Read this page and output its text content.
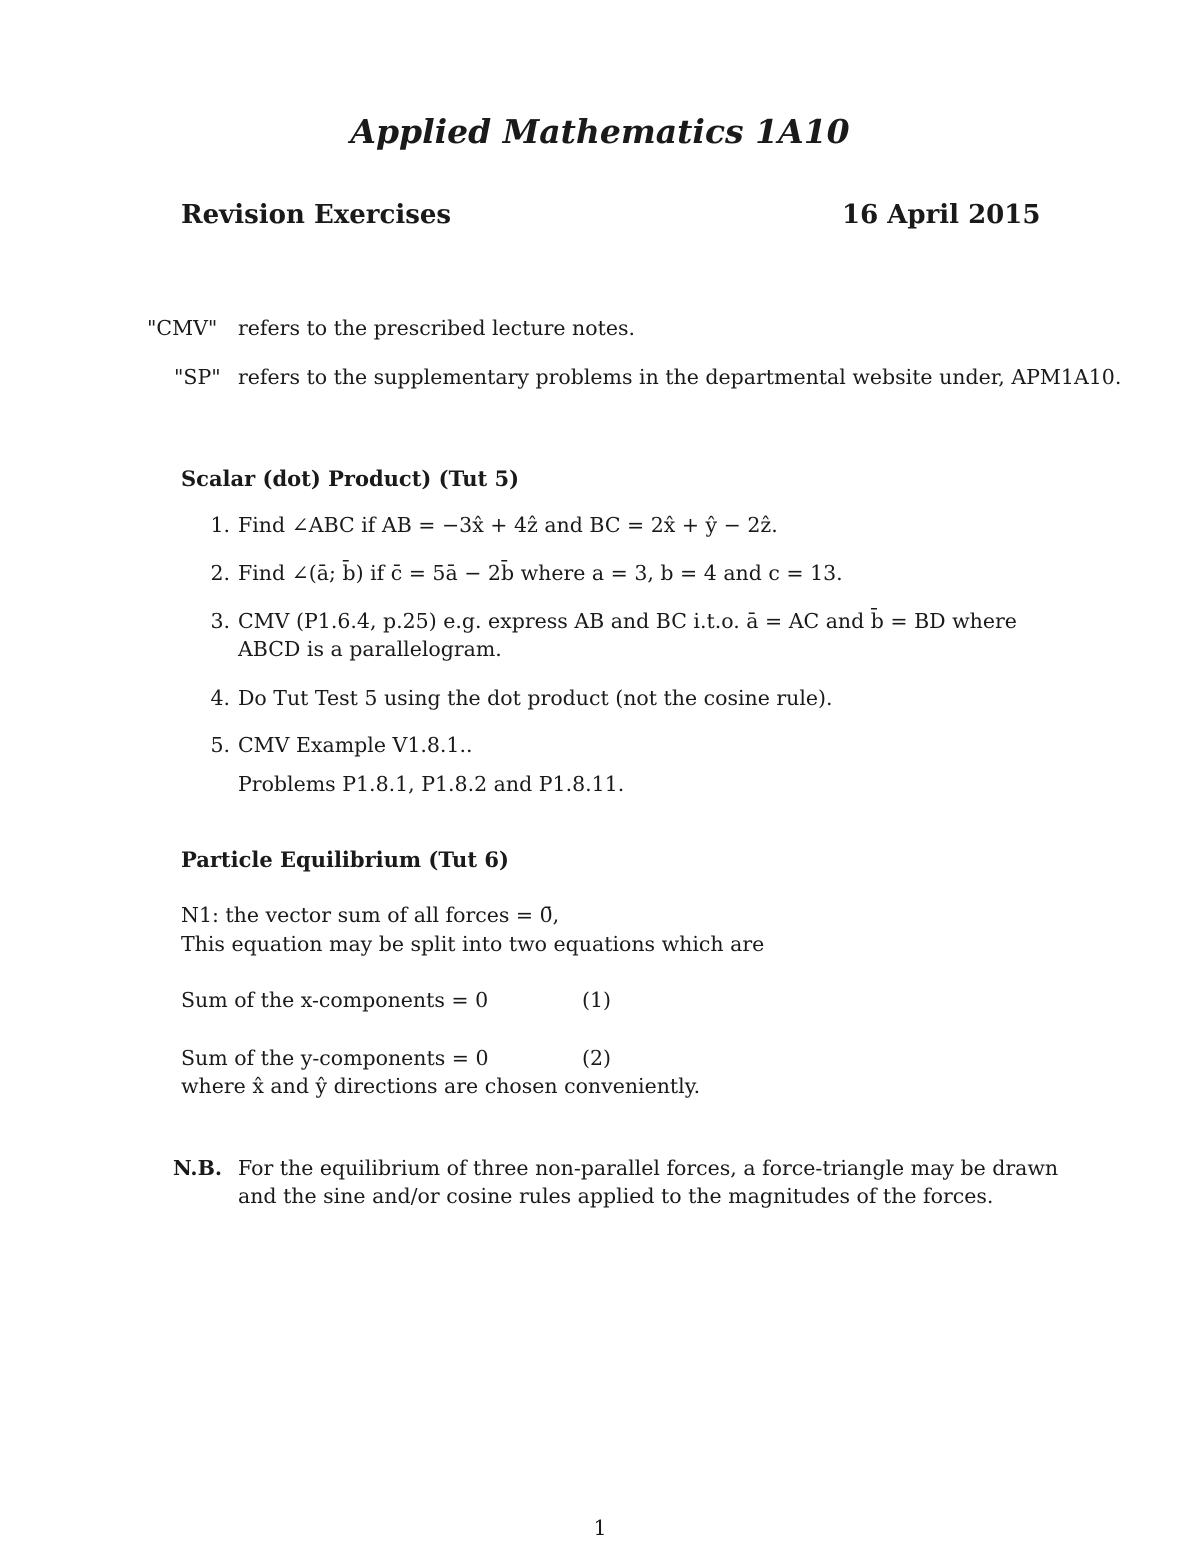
Applied Mathematics 1A10
Revision Exercises	16 April 2015
"CMV" refers to the prescribed lecture notes.
"SP" refers to the supplementary problems in the departmental website under, APM1A10.
Scalar (dot) Product) (Tut 5)
1. Find ∠ABC if AB = −3x̂ + 4ẑ and BC = 2x̂ + ŷ − 2ẑ.
2. Find ∠(ā; b̄) if c̄ = 5ā − 2b̄ where a = 3, b = 4 and c = 13.
3. CMV (P1.6.4, p.25) e.g. express AB and BC i.t.o. ā = AC and b̄ = BD where
ABCD is a parallelogram.
4. Do Tut Test 5 using the dot product (not the cosine rule).
5. CMV Example V1.8.1..
Problems P1.8.1, P1.8.2 and P1.8.11.
Particle Equilibrium (Tut 6)
N1: the vector sum of all forces = 0̄,
This equation may be split into two equations which are
Sum of the x-components = 0	(1)
Sum of the y-components = 0	(2)
where x̂ and ŷ directions are chosen conveniently.
N.B. For the equilibrium of three non-parallel forces, a force-triangle may be drawn
and the sine and/or cosine rules applied to the magnitudes of the forces.
1
